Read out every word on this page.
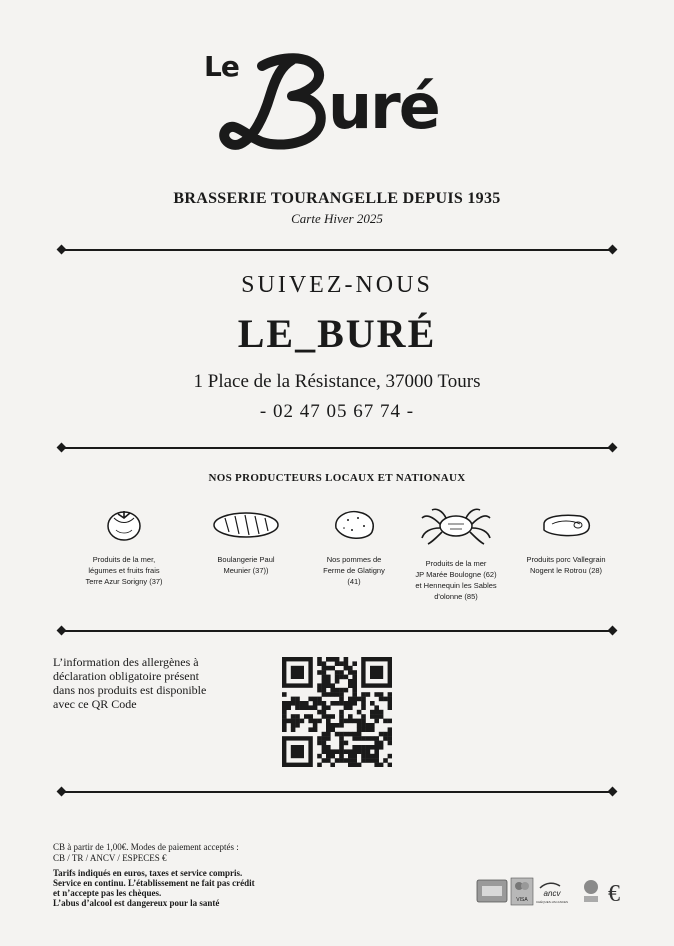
Le
uré
BRASSERIE TOURANGELLE DEPUIS 1935
Carte Hiver 2025
SUIVEZ-NOUS
LE_BURÉ
1 Place de la Résistance, 37000 Tours
- 02 47 05 67 74 -
NOS PRODUCTEURS LOCAUX ET NATIONAUX
Produits de la mer,
légumes et fruits frais
Terre Azur Sorigny (37)
Boulangerie Paul
Meunier (37))
Nos pommes de
Ferme de Glatigny
(41)
Produits de la mer
JP Marée Boulogne (62)
et Hennequin les Sables
d'olonne (85)
Produits porc Vallegrain
Nogent le Rotrou (28)
L’information des allergènes à
déclaration obligatoire présent
dans nos produits est disponible
avec ce QR Code
CB à partir de 1,00€. Modes de paiement acceptés :
CB / TR / ANCV / ESPECES €
Tarifs indiqués en euros, taxes et service compris.
Service en continu. L’établissement ne fait pas crédit
et n’accepte pas les chèques.
L’abus d’alcool est dangereux pour la santé	VISA
ancv
CHÈQUES-VACANCES €
